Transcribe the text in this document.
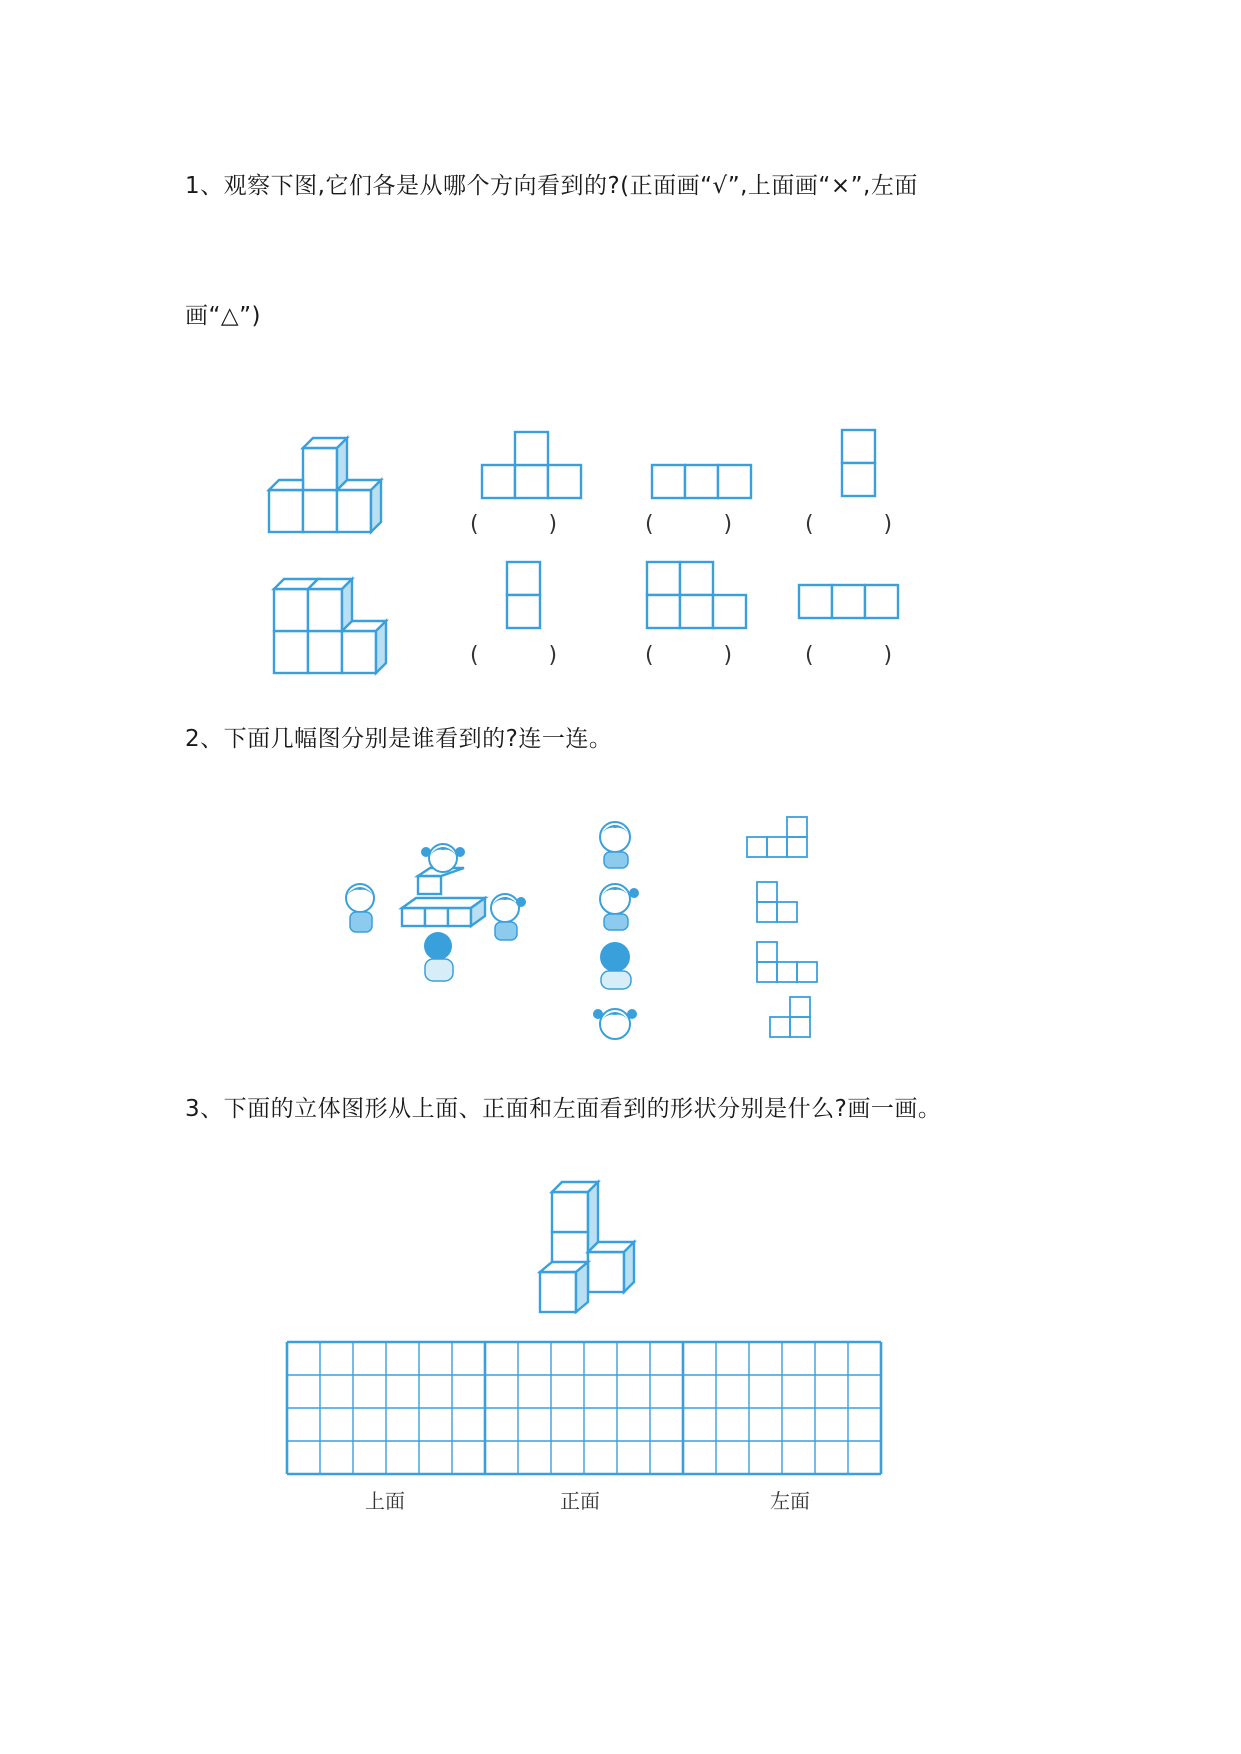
1、观察下图,它们各是从哪个方向看到的?(正面画“√”,上面画“×”,左面
画“△”)
(          )	(          )	(          )
(          )	(          )	(          )
2、下面几幅图分别是谁看到的?连一连。
3、下面的立体图形从上面、正面和左面看到的形状分别是什么?画一画。
上面	正面	左面
